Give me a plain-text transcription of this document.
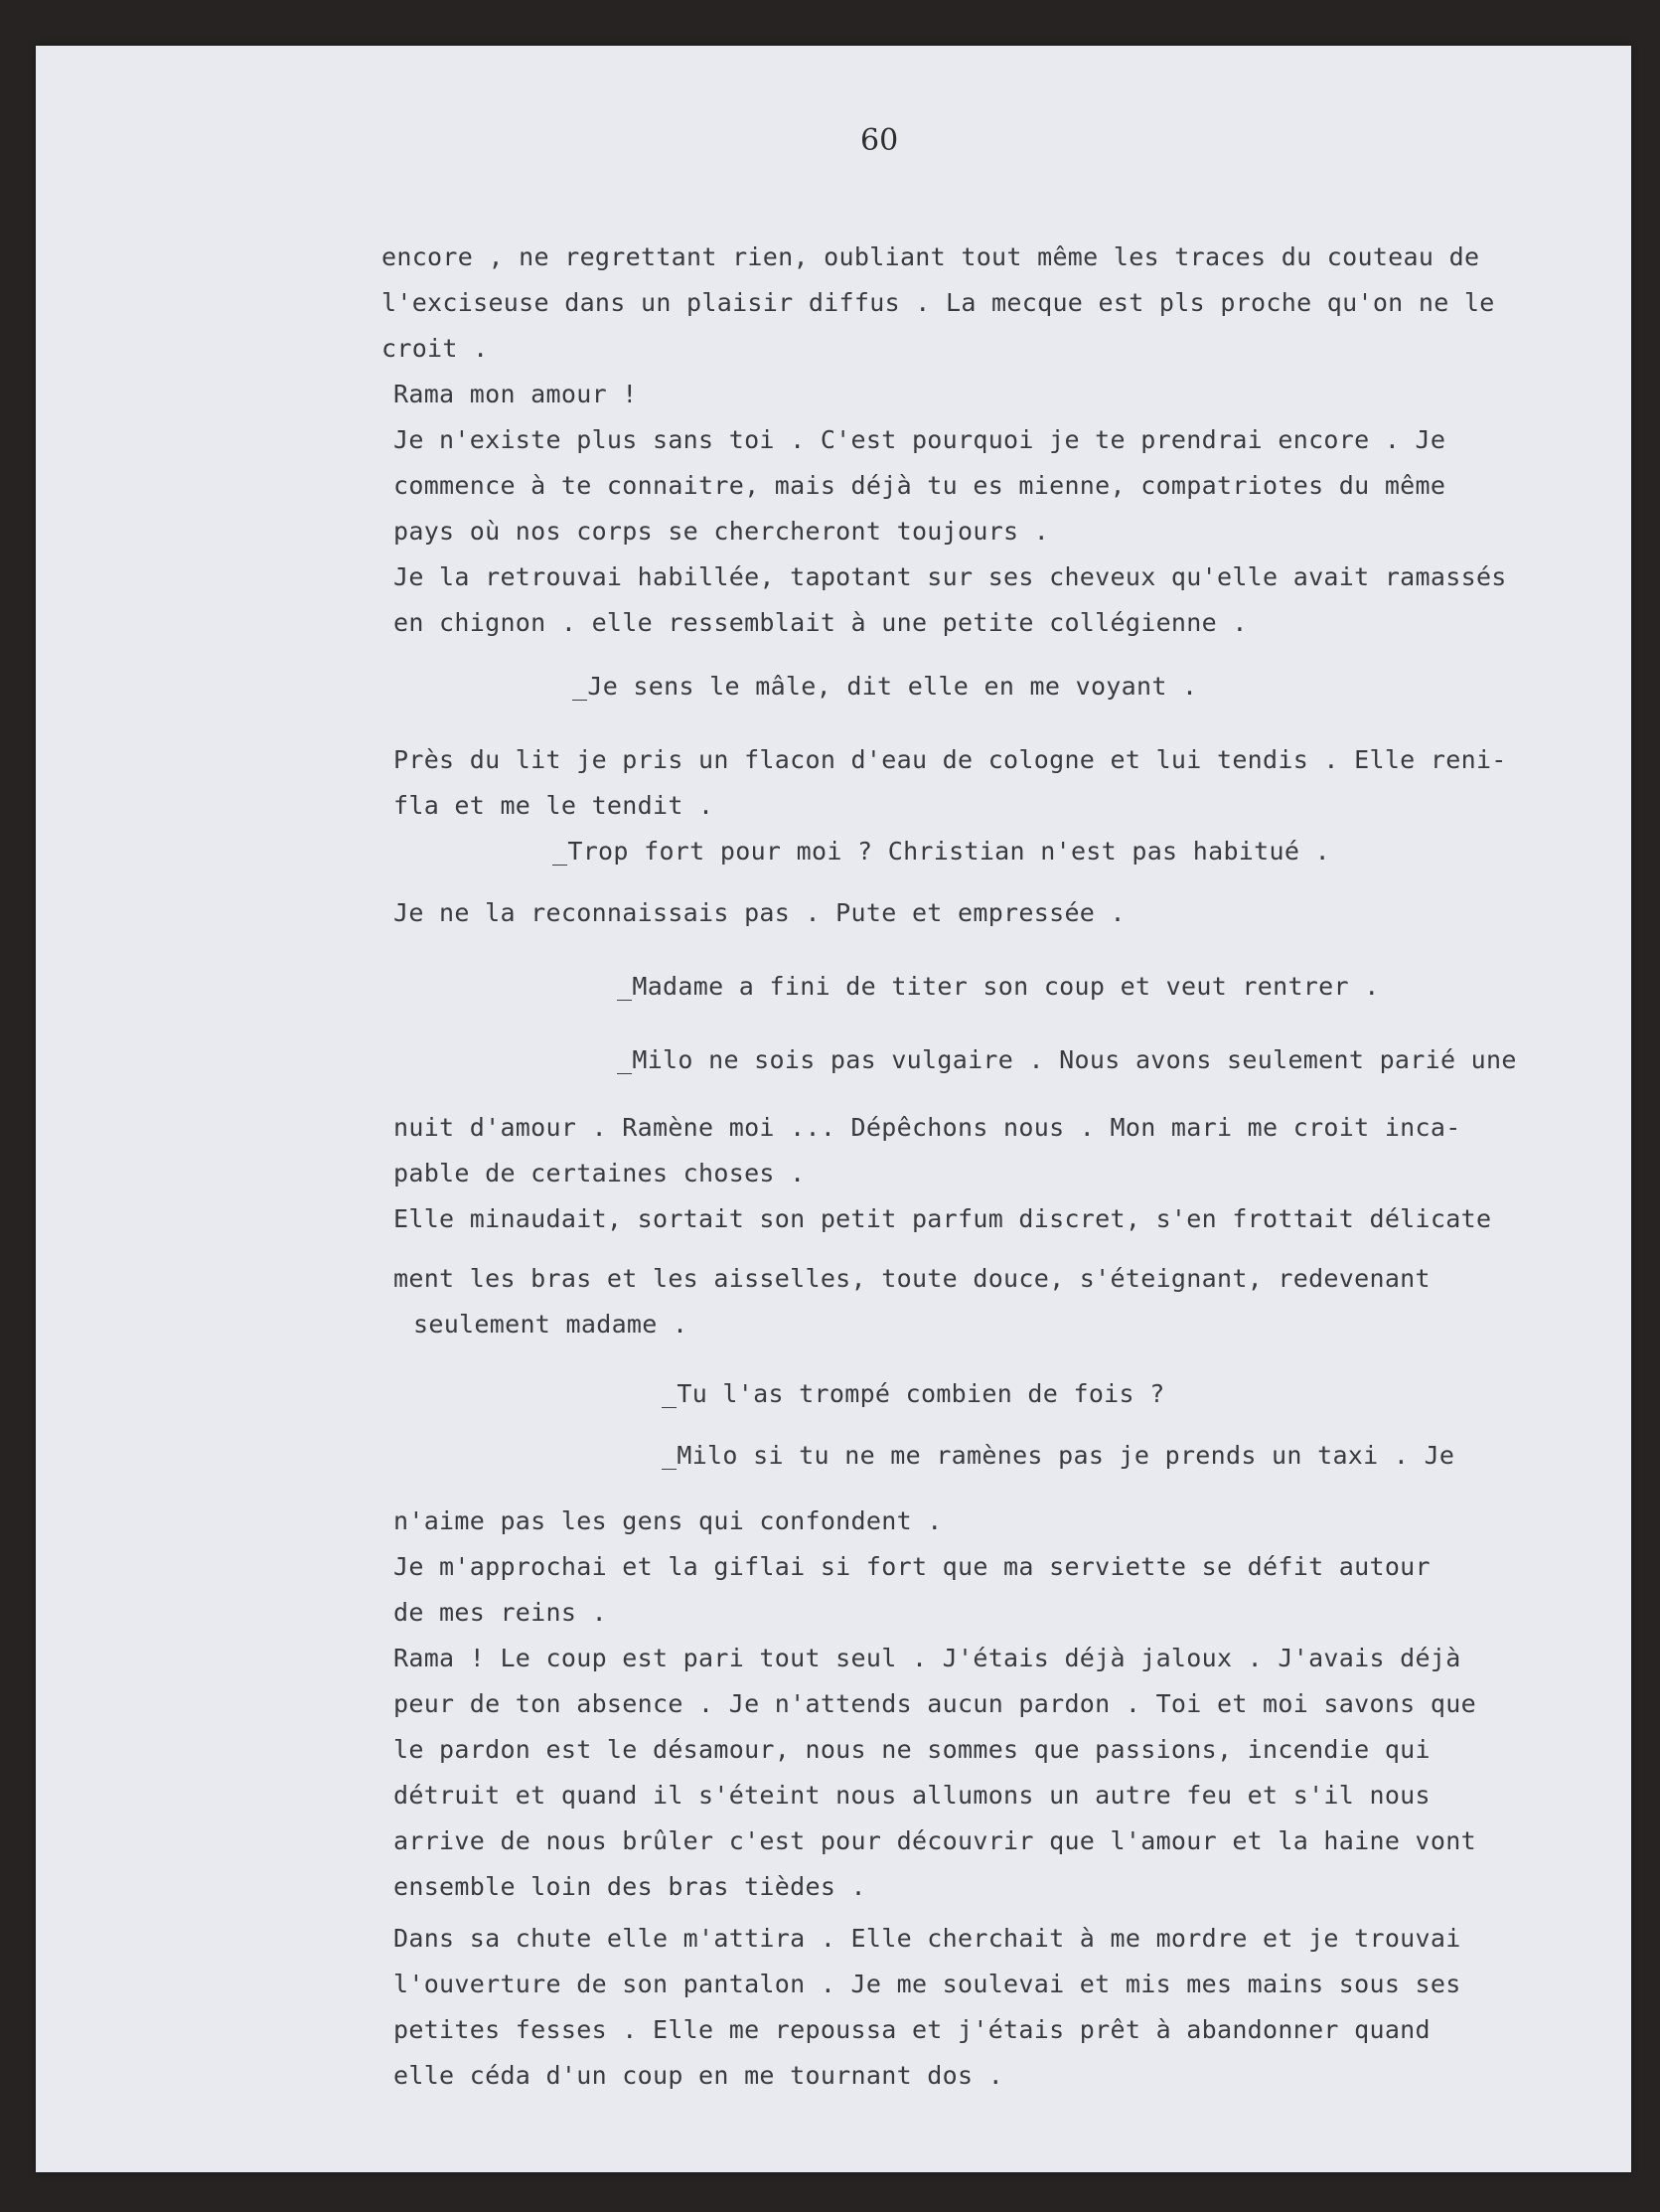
60
encore , ne regrettant rien, oubliant tout même les traces du couteau de
l'exciseuse dans un plaisir diffus . La mecque est pls proche qu'on ne le
croit .
Rama mon amour !
Je n'existe plus sans toi . C'est pourquoi je te prendrai encore . Je
commence à te connaitre, mais déjà tu es mienne, compatriotes du même
pays où nos corps se chercheront toujours .
Je la retrouvai habillée, tapotant sur ses cheveux qu'elle avait ramassés
en chignon . elle ressemblait à une petite collégienne .
_Je sens le mâle, dit elle en me voyant .
Près du lit je pris un flacon d'eau de cologne et lui tendis . Elle reni-
fla et me le tendit .
_Trop fort pour moi ? Christian n'est pas habitué .
Je ne la reconnaissais pas . Pute et empressée .
_Madame a fini de titer son coup et veut rentrer .
_Milo ne sois pas vulgaire . Nous avons seulement parié une
nuit d'amour . Ramène moi ... Dépêchons nous . Mon mari me croit inca-
pable de certaines choses .
Elle minaudait, sortait son petit parfum discret, s'en frottait délicate
ment les bras et les aisselles, toute douce, s'éteignant, redevenant
seulement madame .
_Tu l'as trompé combien de fois ?
_Milo si tu ne me ramènes pas je prends un taxi . Je
n'aime pas les gens qui confondent .
Je m'approchai et la giflai si fort que ma serviette se défit autour
de mes reins .
Rama ! Le coup est pari tout seul . J'étais déjà jaloux . J'avais déjà
peur de ton absence . Je n'attends aucun pardon . Toi et moi savons que
le pardon est le désamour, nous ne sommes que passions, incendie qui
détruit et quand il s'éteint nous allumons un autre feu et s'il nous
arrive de nous brûler c'est pour découvrir que l'amour et la haine vont
ensemble loin des bras tièdes .
Dans sa chute elle m'attira . Elle cherchait à me mordre et je trouvai
l'ouverture de son pantalon . Je me soulevai et mis mes mains sous ses
petites fesses . Elle me repoussa et j'étais prêt à abandonner quand
elle céda d'un coup en me tournant dos .
